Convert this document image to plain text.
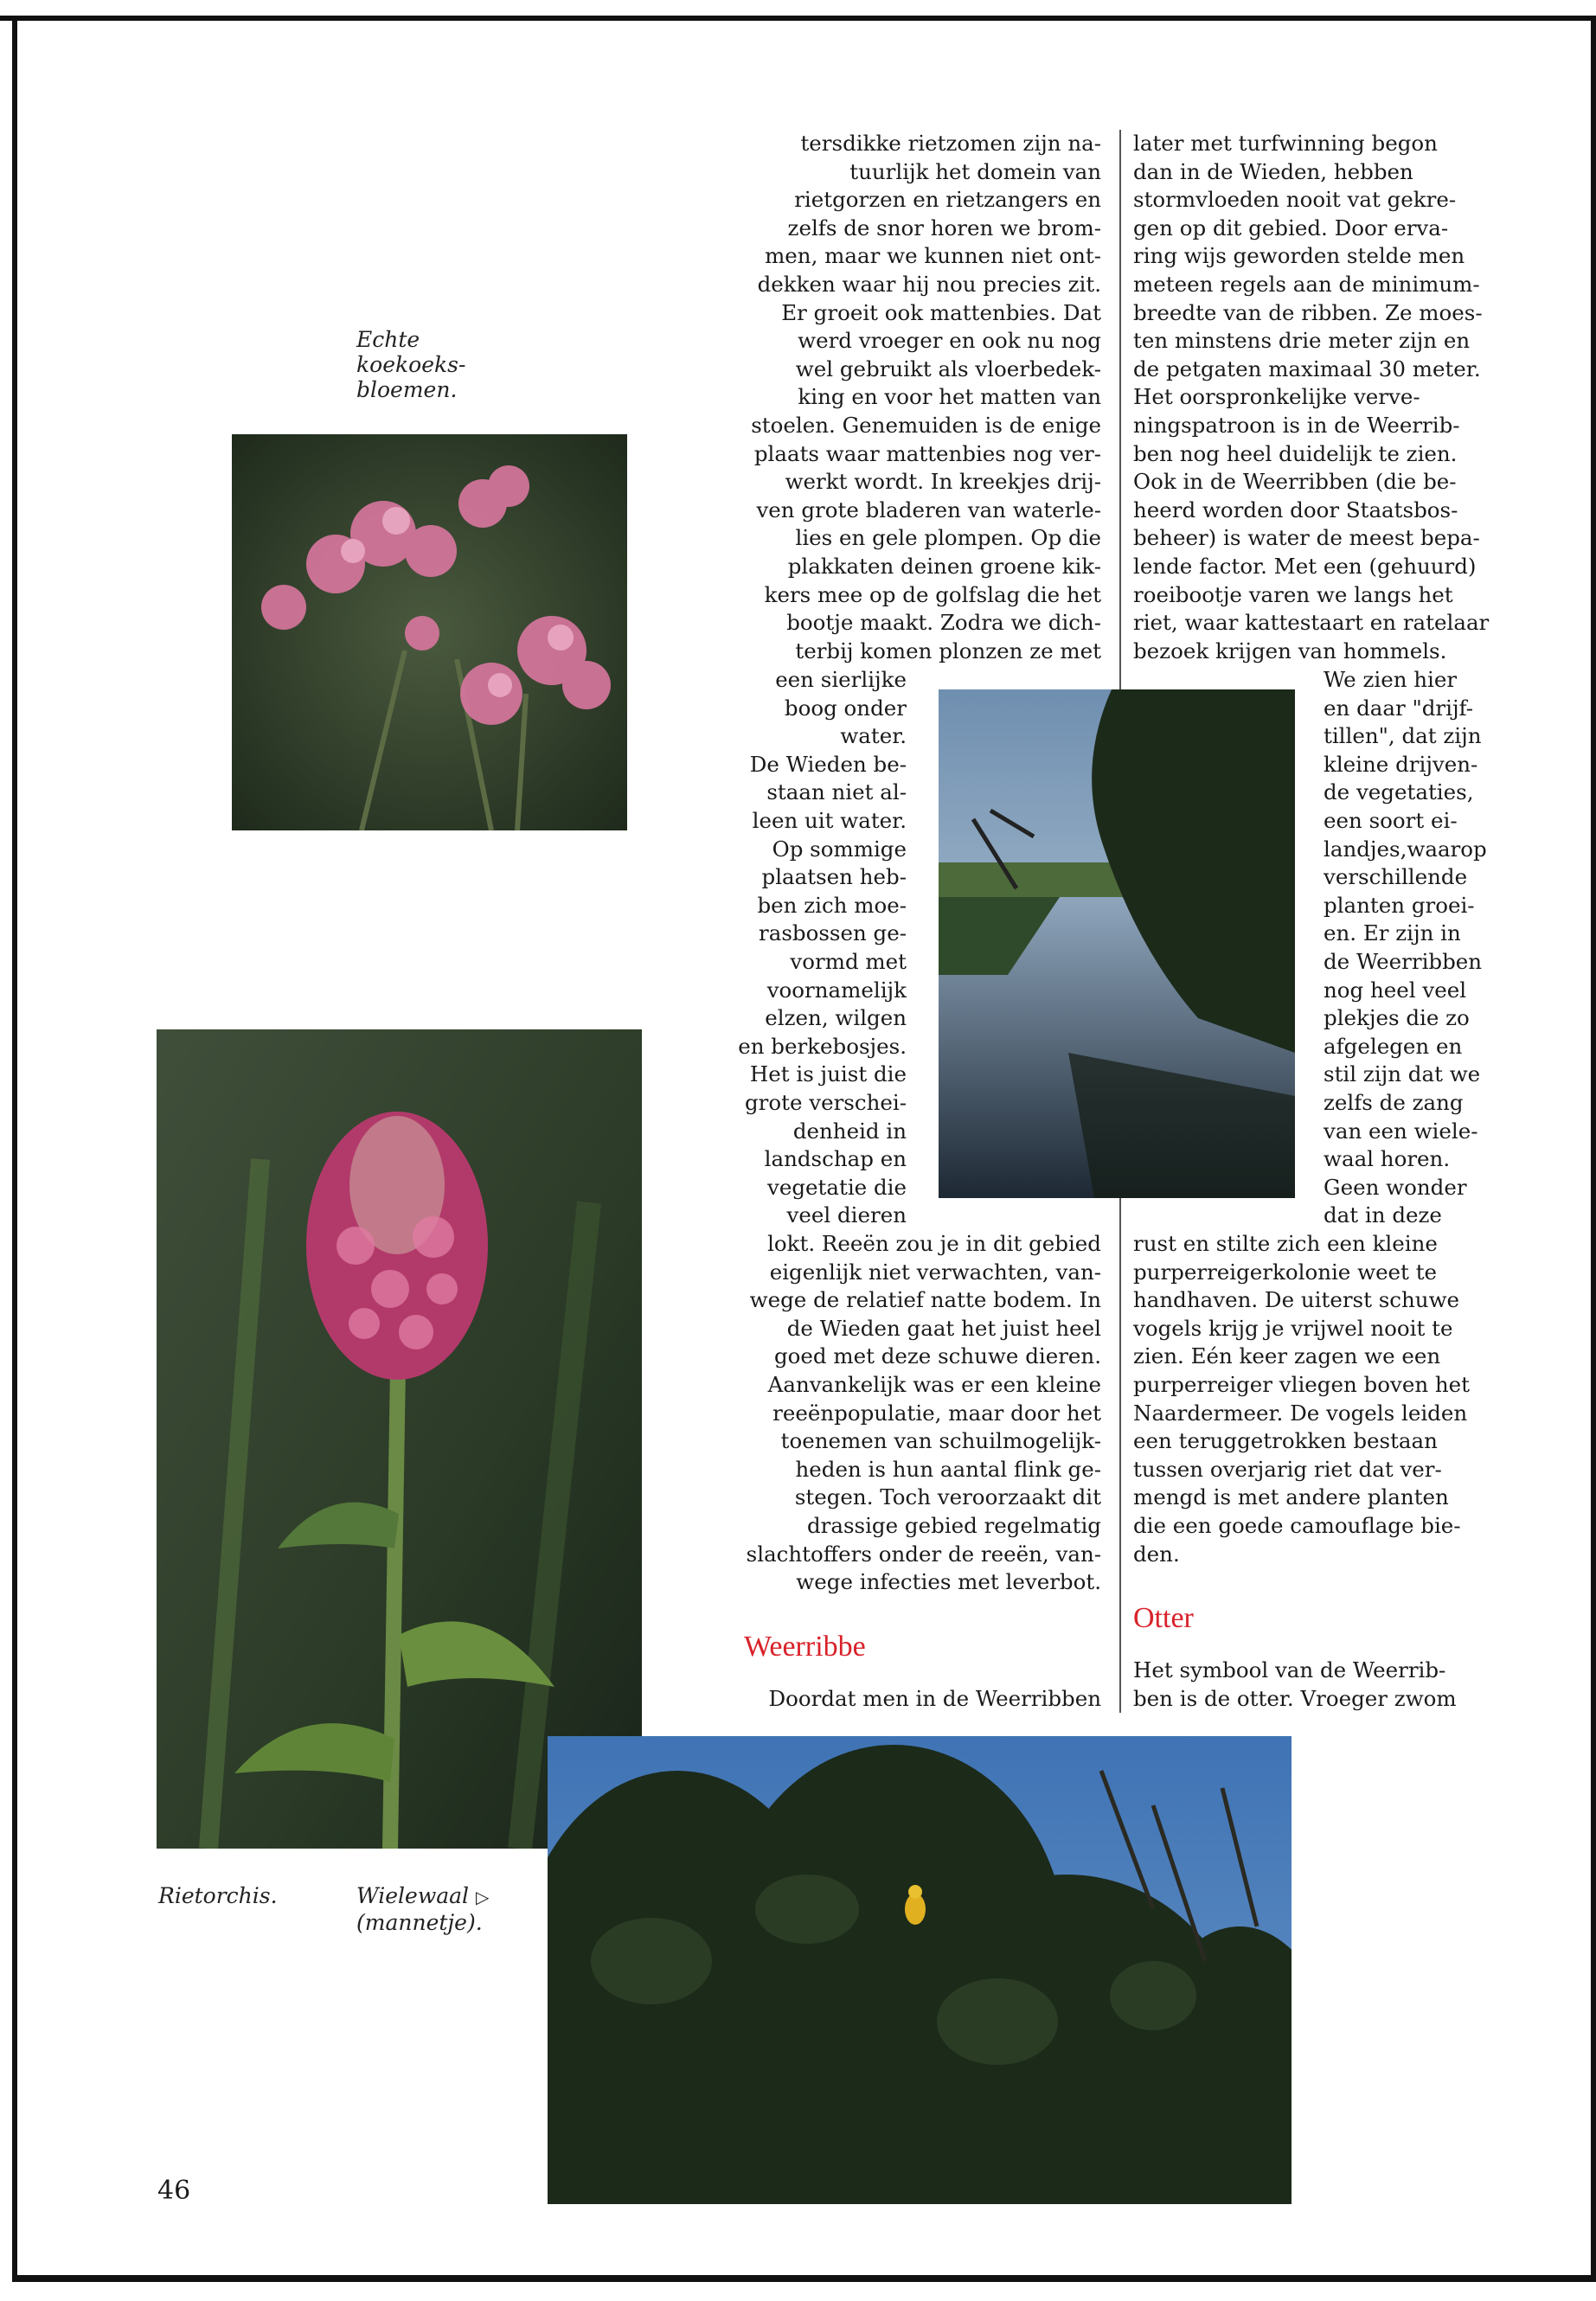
Echte
koekoeks-
bloemen.
Rietorchis.	Wielewaal ▷
(mannetje).

tersdikke rietzomen zijn na-

tuurlijk het domein van

rietgorzen en rietzangers en

zelfs de snor horen we brom-

men, maar we kunnen niet ont-

dekken waar hij nou precies zit.

Er groeit ook mattenbies. Dat

werd vroeger en ook nu nog

wel gebruikt als vloerbedek-

king en voor het matten van

stoelen. Genemuiden is de enige

plaats waar mattenbies nog ver-

werkt wordt. In kreekjes drij-

ven grote bladeren van waterle-

lies en gele plompen. Op die

plakkaten deinen groene kik-

kers mee op de golfslag die het

bootje maakt. Zodra we dich-

terbij komen plonzen ze met

een sierlijke

boog onder

water.

De Wieden be-

staan niet al-

leen uit water.

Op sommige

plaatsen heb-

ben zich moe-

rasbossen ge-

vormd met

voornamelijk

elzen, wilgen

en berkebosjes.

Het is juist die

grote verschei-

denheid in

landschap en

vegetatie die

veel dieren

lokt. Reeën zou je in dit gebied

eigenlijk niet verwachten, van-

wege de relatief natte bodem. In

de Wieden gaat het juist heel

goed met deze schuwe dieren.

Aanvankelijk was er een kleine

reeënpopulatie, maar door het

toenemen van schuilmogelijk-

heden is hun aantal flink ge-

stegen. Toch veroorzaakt dit

drassige gebied regelmatig

slachtoffers onder de reeën, van-

wege infecties met leverbot.

Weerribbe

Doordat men in de Weerribben

later met turfwinning begon

dan in de Wieden, hebben

stormvloeden nooit vat gekre-

gen op dit gebied. Door erva-

ring wijs geworden stelde men

meteen regels aan de minimum-

breedte van de ribben. Ze moes-

ten minstens drie meter zijn en

de petgaten maximaal 30 meter.

Het oorspronkelijke verve-

ningspatroon is in de Weerrib-

ben nog heel duidelijk te zien.

Ook in de Weerribben (die be-

heerd worden door Staatsbos-

beheer) is water de meest bepa-

lende factor. Met een (gehuurd)

roeibootje varen we langs het

riet, waar kattestaart en ratelaar

bezoek krijgen van hommels.

We zien hier

en daar "drijf-

tillen", dat zijn

kleine drijven-

de vegetaties,

een soort ei-

landjes,waarop

verschillende

planten groei-

en. Er zijn in

de Weerribben

nog heel veel

plekjes die zo

afgelegen en

stil zijn dat we

zelfs de zang

van een wiele-

waal horen.

Geen wonder

dat in deze

rust en stilte zich een kleine

purperreigerkolonie weet te

handhaven. De uiterst schuwe

vogels krijg je vrijwel nooit te

zien. Eén keer zagen we een

purperreiger vliegen boven het

Naardermeer. De vogels leiden

een teruggetrokken bestaan

tussen overjarig riet dat ver-

mengd is met andere planten

die een goede camouflage bie-

den.

Otter

Het symbool van de Weerrib-

ben is de otter. Vroeger zwom

46
